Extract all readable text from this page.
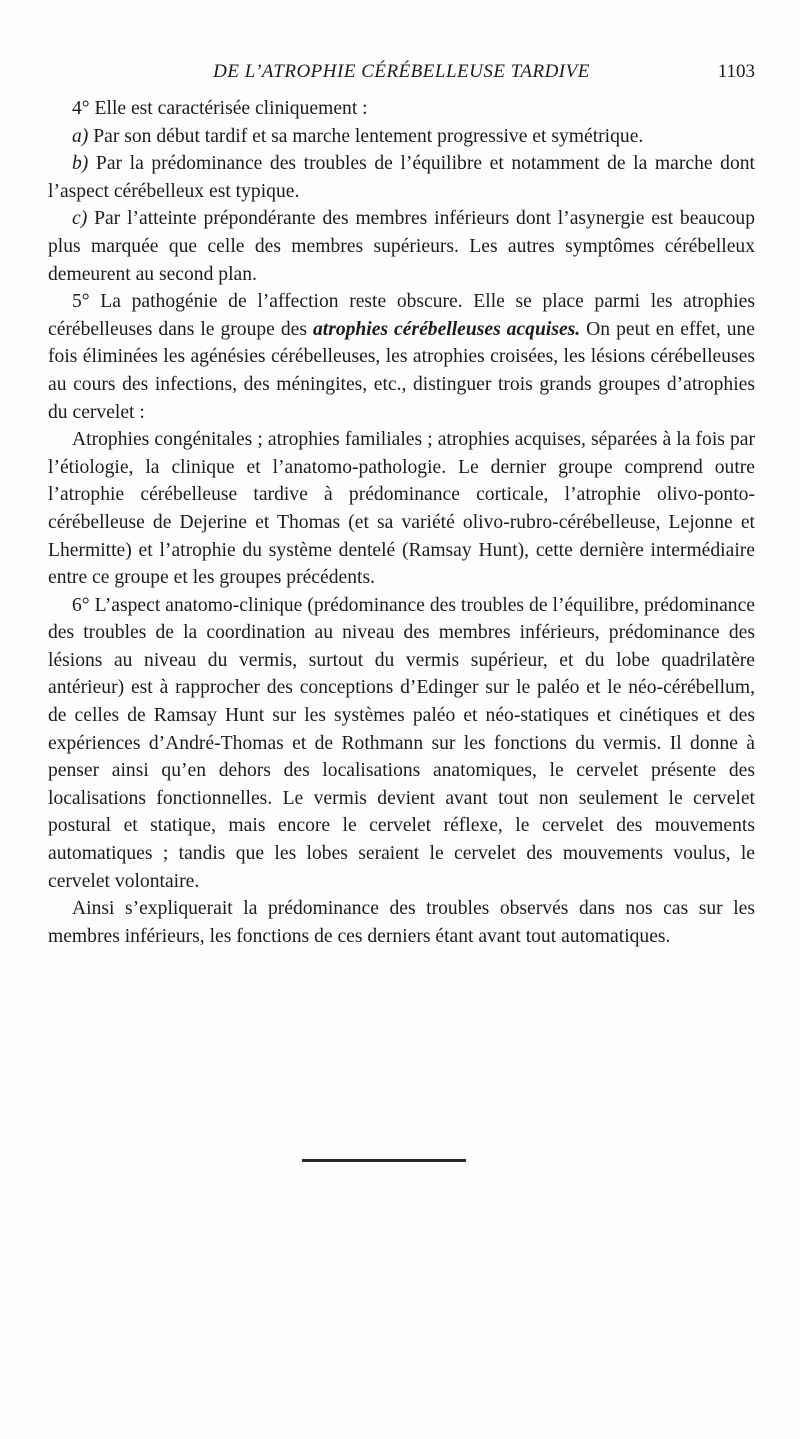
DE L’ATROPHIE CÉRÉBELLEUSE TARDIVE	1103

4° Elle est caractérisée cliniquement :

a) Par son début tardif et sa marche lentement progressive et symétrique.

b) Par la prédominance des troubles de l’équilibre et notamment de la marche dont l’aspect cérébelleux est typique.

c) Par l’atteinte prépondérante des membres inférieurs dont l’asynergie est beaucoup plus marquée que celle des membres supérieurs. Les autres symptômes cérébelleux demeurent au second plan.

5° La pathogénie de l’affection reste obscure. Elle se place parmi les atrophies cérébelleuses dans le groupe des atrophies cérébelleuses acquises. On peut en effet, une fois éliminées les agénésies cérébelleuses, les atrophies croisées, les lésions cérébelleuses au cours des infections, des méningites, etc., distinguer trois grands groupes d’atrophies du cervelet :

Atrophies congénitales ; atrophies familiales ; atrophies acquises, séparées à la fois par l’étiologie, la clinique et l’anatomo-pathologie. Le dernier groupe comprend outre l’atrophie cérébelleuse tardive à prédominance corticale, l’atrophie olivo-ponto-cérébelleuse de Dejerine et Thomas (et sa variété olivo-rubro-cérébelleuse, Lejonne et Lhermitte) et l’atrophie du système dentelé (Ramsay Hunt), cette dernière intermédiaire entre ce groupe et les groupes précédents.

6° L’aspect anatomo-clinique (prédominance des troubles de l’équilibre, prédominance des troubles de la coordination au niveau des membres inférieurs, prédominance des lésions au niveau du vermis, surtout du vermis supérieur, et du lobe quadrilatère antérieur) est à rapprocher des conceptions d’Edinger sur le paléo et le néo-cérébellum, de celles de Ramsay Hunt sur les systèmes paléo et néo-statiques et cinétiques et des expériences d’André-Thomas et de Rothmann sur les fonctions du vermis. Il donne à penser ainsi qu’en dehors des localisations anatomiques, le cervelet présente des localisations fonctionnelles. Le vermis devient avant tout non seulement le cervelet postural et statique, mais encore le cervelet réflexe, le cervelet des mouvements automatiques ; tandis que les lobes seraient le cervelet des mouvements voulus, le cervelet volontaire.

Ainsi s’expliquerait la prédominance des troubles observés dans nos cas sur les membres inférieurs, les fonctions de ces derniers étant avant tout automatiques.
